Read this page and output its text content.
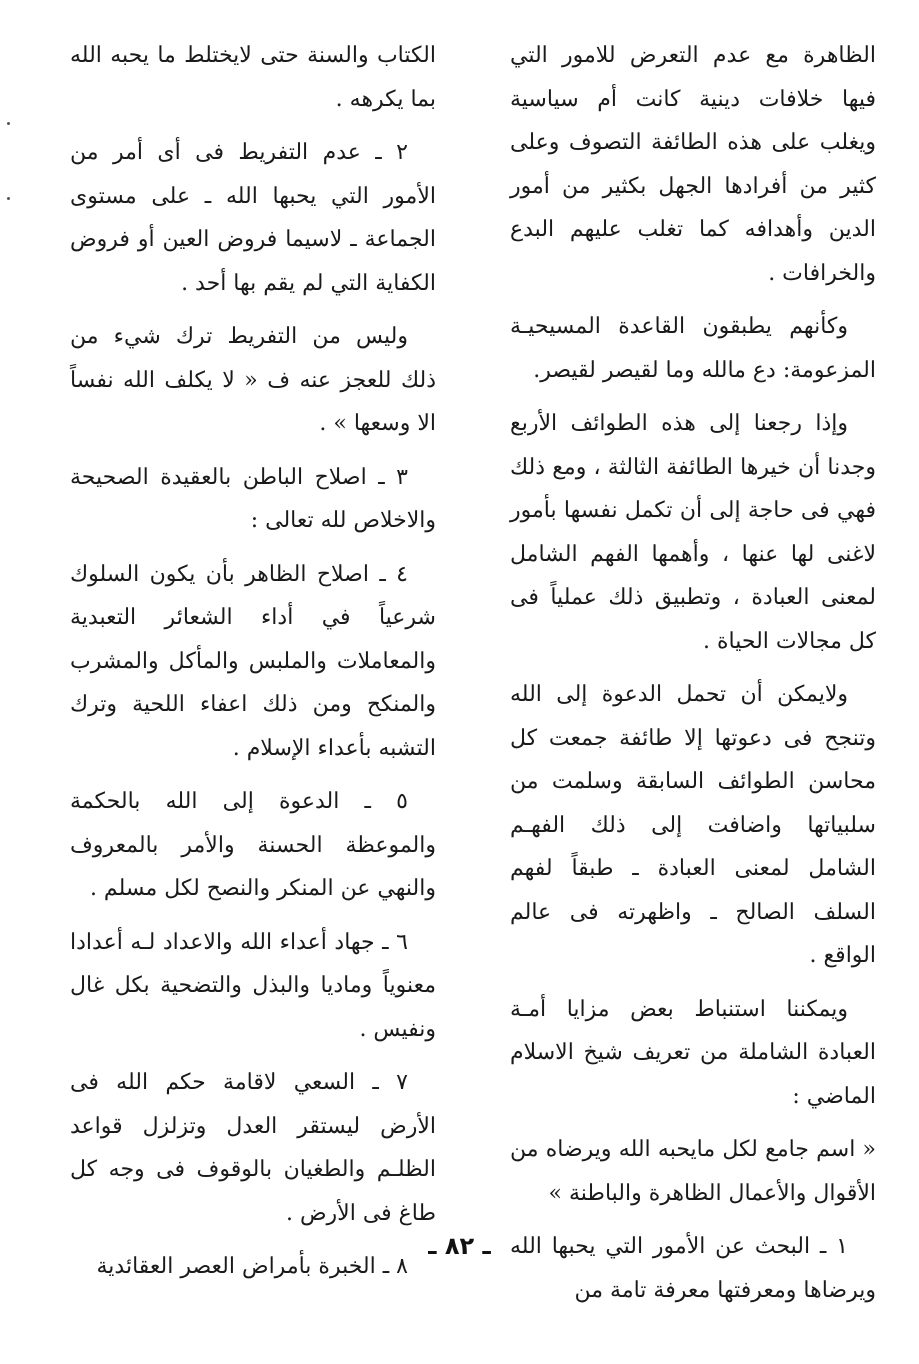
الظاهرة مع عدم التعرض للامور التي فيها خلافات دينية كانت أم سياسية ويغلب على هذه الطائفة التصوف وعلى كثير من أفرادها الجهل بكثير من أمور الدين وأهدافه كما تغلب عليهم البدع والخرافات .

وكأنهم يطبقون القاعدة المسيحيـة المزعومة: دع مالله وما لقيصر لقيصر.

وإذا رجعنا إلى هذه الطوائف الأربع وجدنا أن خيرها الطائفة الثالثة ، ومع ذلك فهي فى حاجة إلى أن تكمل نفسها بأمور لاغنى لها عنها ، وأهمها الفهم الشامل لمعنى العبادة ، وتطبيق ذلك عملياً فى كل مجالات الحياة .

ولايمكن أن تحمل الدعوة إلى الله وتنجح فى دعوتها إلا طائفة جمعت كل محاسن الطوائف السابقة وسلمت من سلبياتها واضافت إلى ذلك الفهـم الشامل لمعنى العبادة ـ طبقاً لفهم السلف الصالح ـ واظهرته فى عالم الواقع .

ويمكننا استنباط بعض مزايا أمـة العبادة الشاملة من تعريف شيخ الاسلام الماضي :

« اسم جامع لكل مايحبه الله ويرضاه من الأقوال والأعمال الظاهرة والباطنة »

١ ـ البحث عن الأمور التي يحبها الله ويرضاها ومعرفتها معرفة تامة من

الكتاب والسنة حتى لايختلط ما يحبه الله بما يكرهه .

٢ ـ عدم التفريط فى أى أمر من الأمور التي يحبها الله ـ على مستوى الجماعة ـ لاسيما فروض العين أو فروض الكفاية التي لم يقم بها أحد .

وليس من التفريط ترك شيء من ذلك للعجز عنه ف « لا يكلف الله نفساً الا وسعها » .

٣ ـ اصلاح الباطن بالعقيدة الصحيحة والاخلاص لله تعالى :

٤ ـ اصلاح الظاهر بأن يكون السلوك شرعياً في أداء الشعائر التعبدية والمعاملات والملبس والمأكل والمشرب والمنكح ومن ذلك اعفاء اللحية وترك التشبه بأعداء الإسلام .

٥ ـ الدعوة إلى الله بالحكمة والموعظة الحسنة والأمر بالمعروف والنهي عن المنكر والنصح لكل مسلم .

٦ ـ جهاد أعداء الله والاعداد لـه أعدادا معنوياً وماديا والبذل والتضحية بكل غال ونفيس .

٧ ـ السعي لاقامة حكم الله فى الأرض ليستقر العدل وتزلزل قواعد الظلـم والطغيان بالوقوف فى وجه كل طاغ فى الأرض .

٨ ـ الخبرة بأمراض العصر العقائدية

ـ ٨٢ ـ
